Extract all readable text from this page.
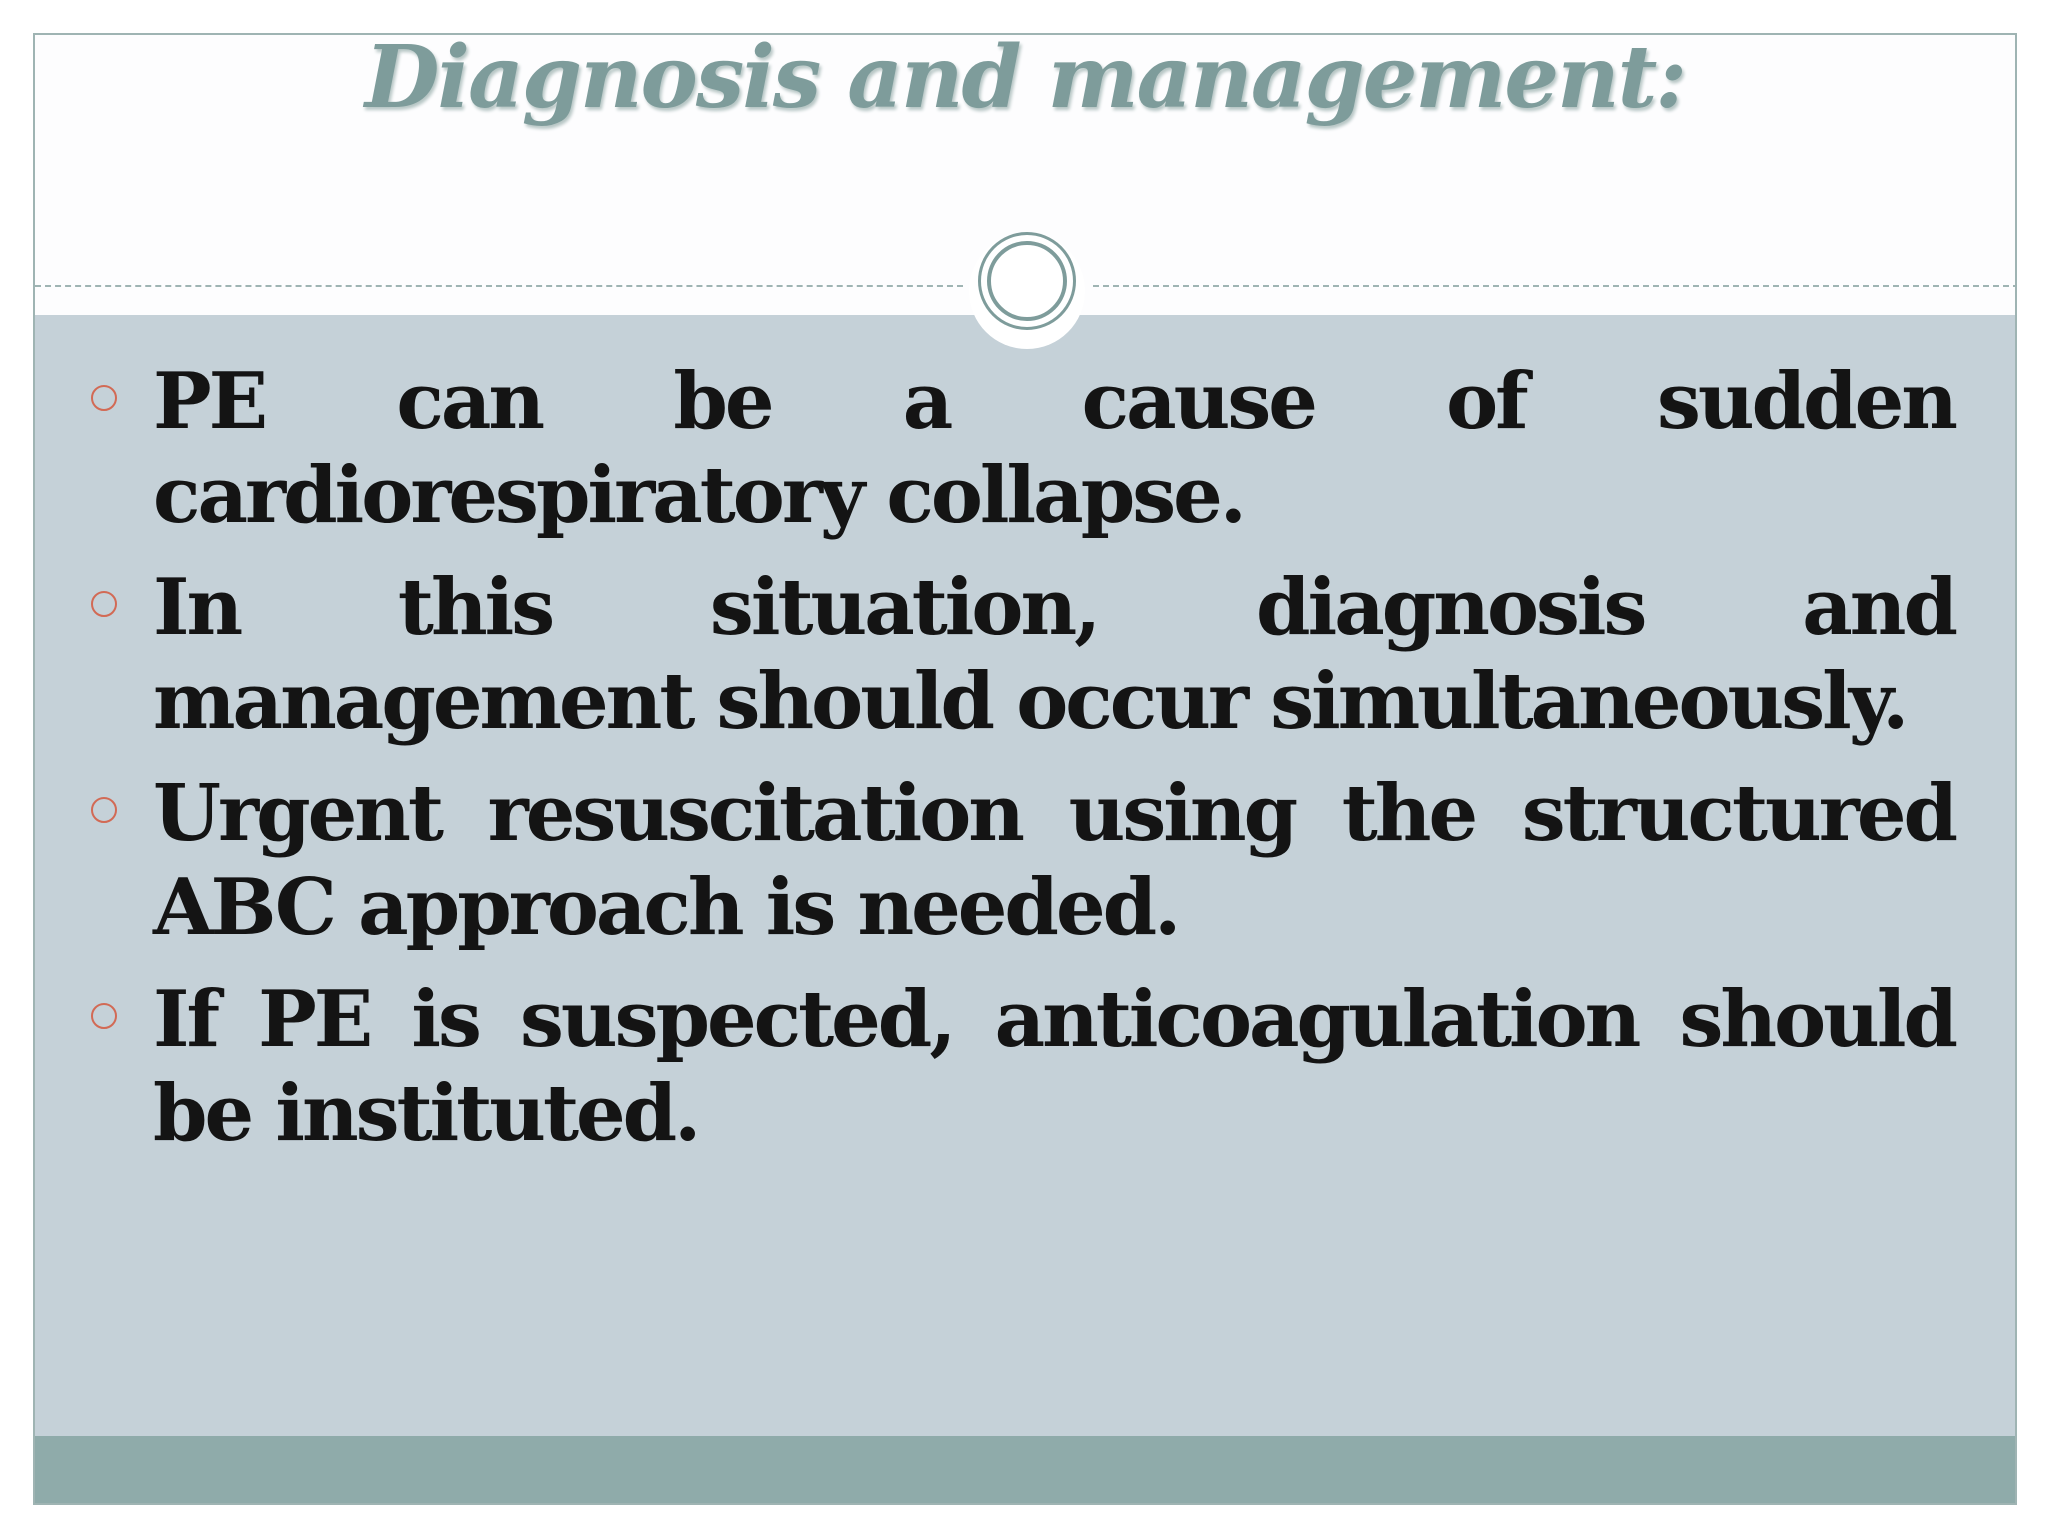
Diagnosis and management:
PE can be a cause of sudden cardiorespiratory collapse.
In this situation, diagnosis and management should occur simultaneously.
Urgent resuscitation using the structured ABC approach is needed.
If PE is suspected, anticoagulation should be instituted.
